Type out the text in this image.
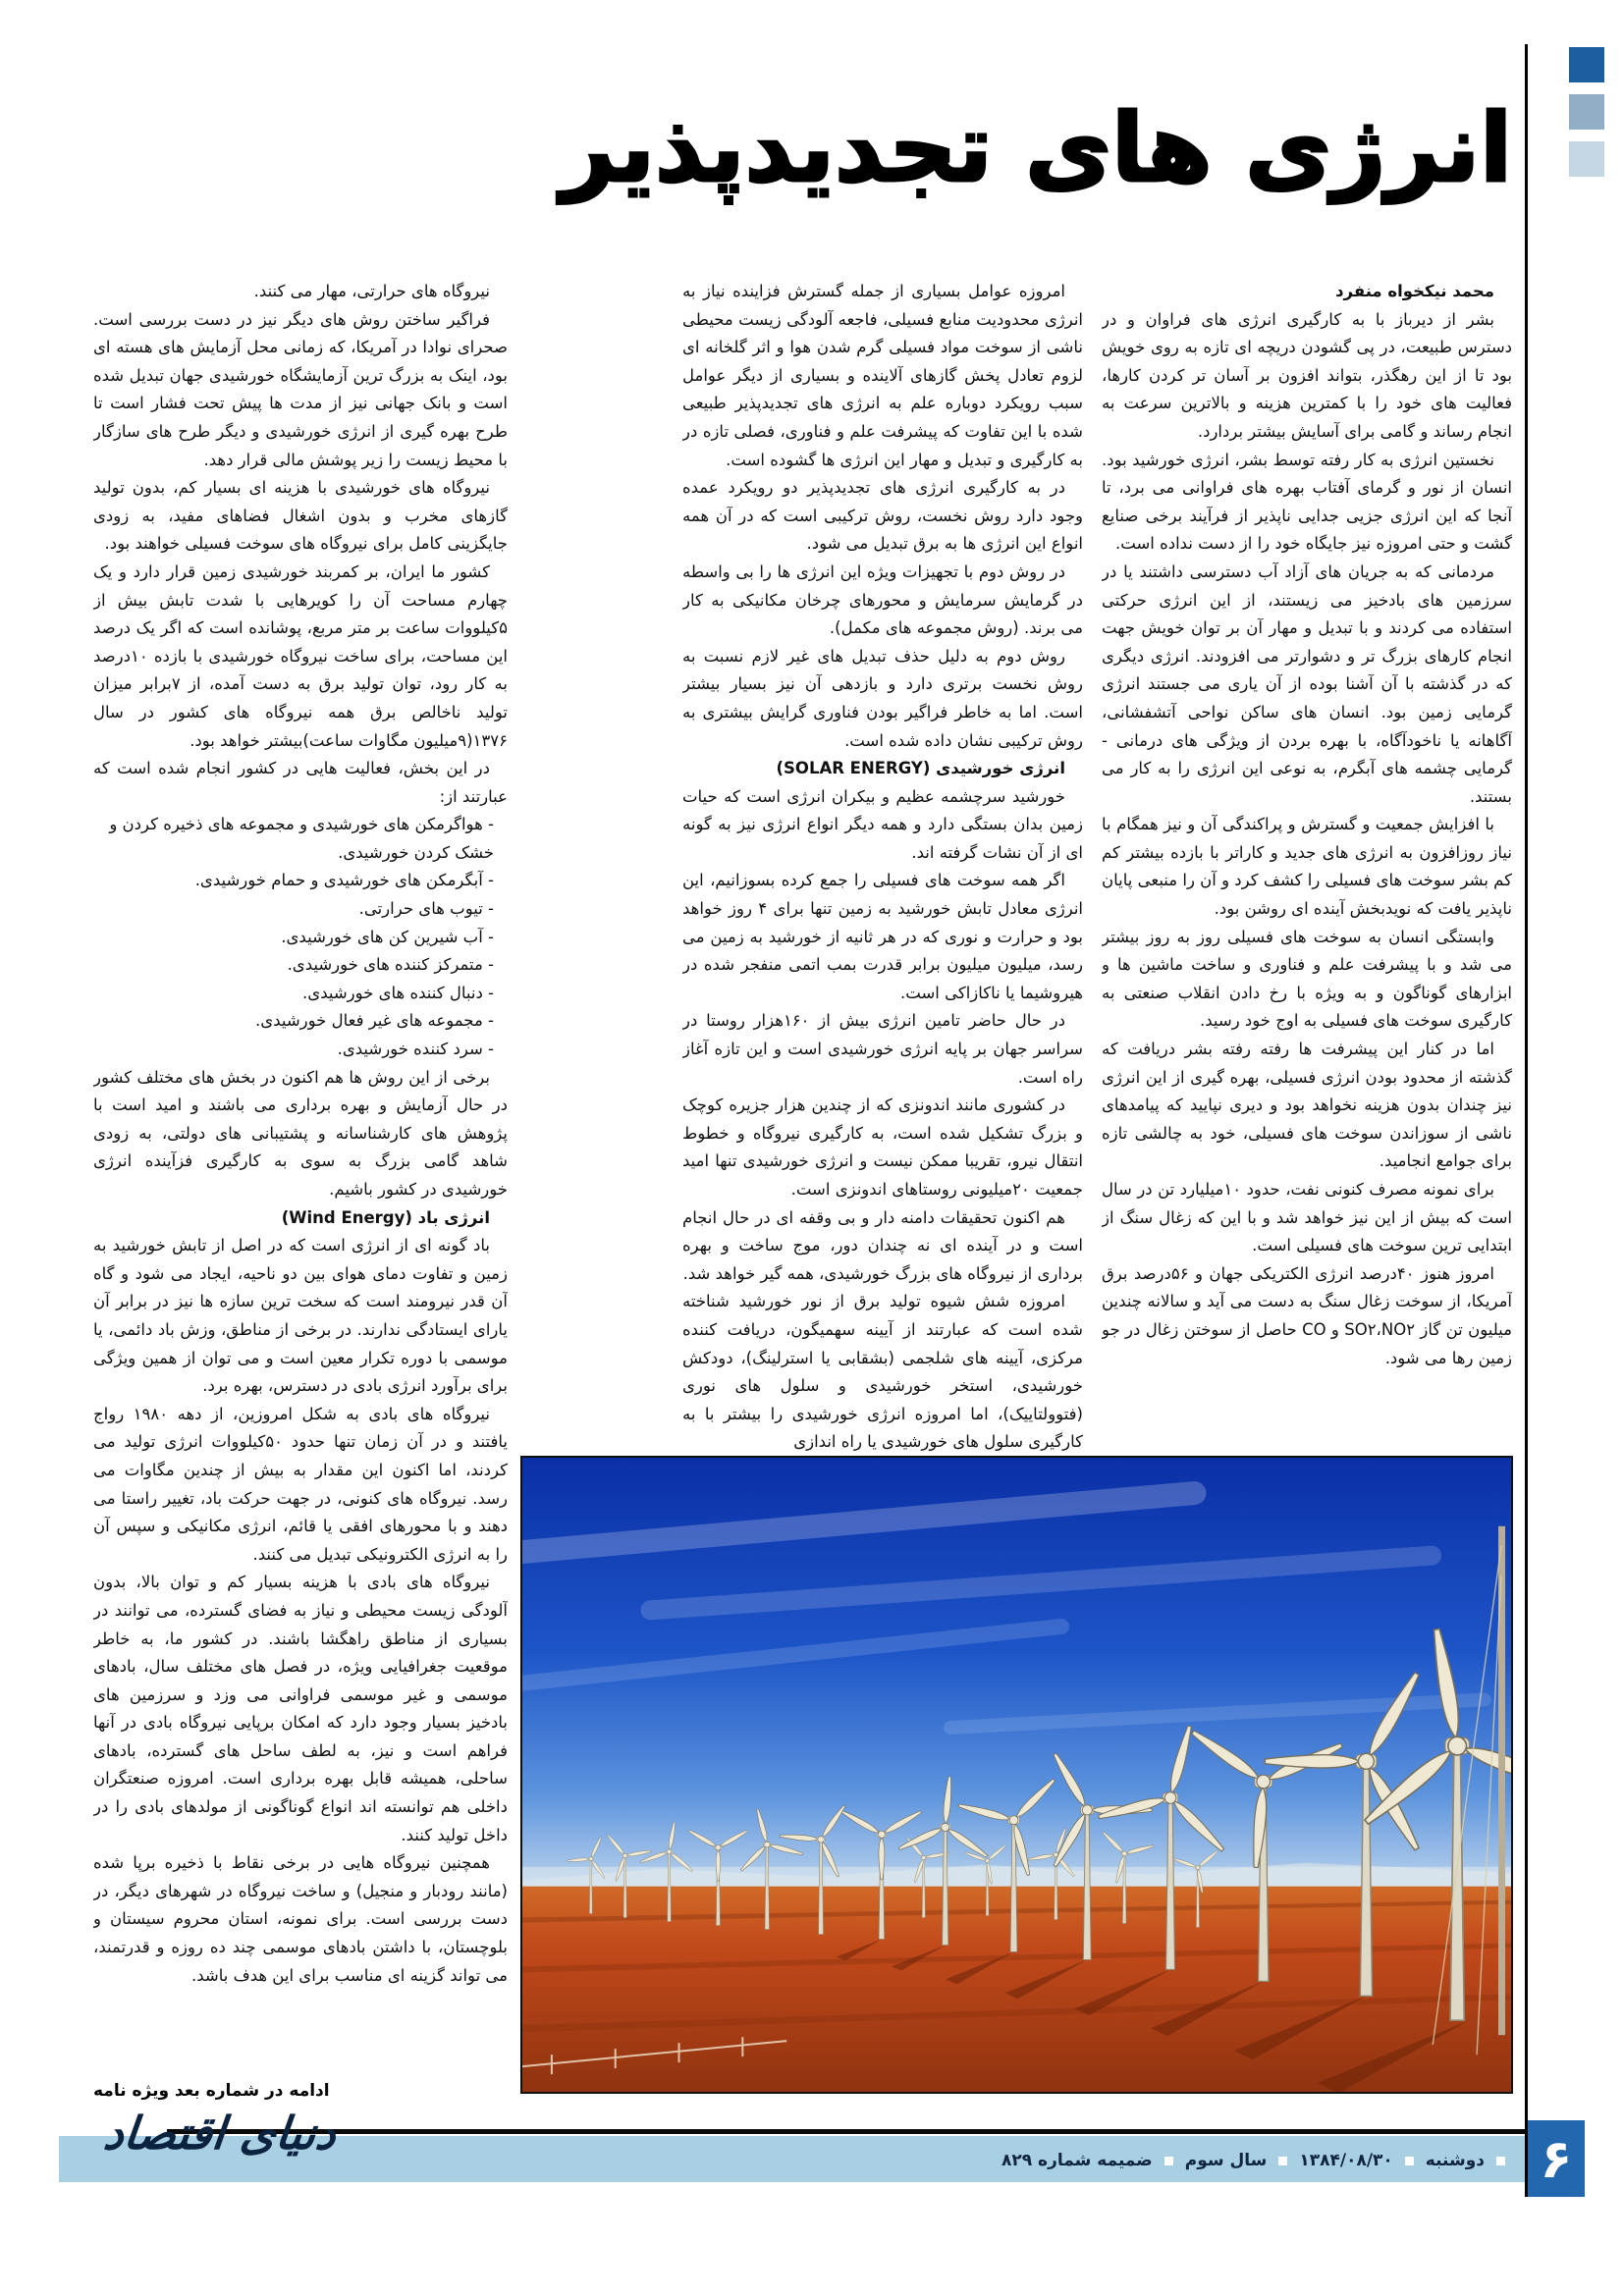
انرژی های تجدیدپذیر

محمد نیکخواه منفرد

بشر از دیرباز با به کارگیری انرژی های فراوان و در دسترس طبیعت، در پی گشودن دریچه ای تازه به روی خویش بود تا از این رهگذر، بتواند افزون بر آسان تر کردن کارها، فعالیت های خود را با کمترین هزینه و بالاترین سرعت به انجام رساند و گامی برای آسایش بیشتر بردارد.

نخستین انرژی به کار رفته توسط بشر، انرژی خورشید بود. انسان از نور و گرمای آفتاب بهره های فراوانی می برد، تا آنجا که این انرژی جزیی جدایی ناپذیر از فرآیند برخی صنایع گشت و حتی امروزه نیز جایگاه خود را از دست نداده است.

مردمانی که به جریان های آزاد آب دسترسی داشتند یا در سرزمین های بادخیز می زیستند، از این انرژی حرکتی استفاده می کردند و با تبدیل و مهار آن بر توان خویش جهت انجام کارهای بزرگ تر و دشوارتر می افزودند. انرژی دیگری که در گذشته با آن آشنا بوده از آن یاری می جستند انرژی گرمایی زمین بود. انسان های ساکن نواحی آتشفشانی، آگاهانه یا ناخودآگاه، با بهره بردن از ویژگی های درمانی - گرمایی چشمه های آبگرم، به نوعی این انرژی را به کار می بستند.

با افزایش جمعیت و گسترش و پراکندگی آن و نیز همگام با نیاز روزافزون به انرژی های جدید و کاراتر با بازده بیشتر کم کم بشر سوخت های فسیلی را کشف کرد و آن را منبعی پایان ناپذیر یافت که نویدبخش آینده ای روشن بود.

وابستگی انسان به سوخت های فسیلی روز به روز بیشتر می شد و با پیشرفت علم و فناوری و ساخت ماشین ها و ابزارهای گوناگون و به ویژه با رخ دادن انقلاب صنعتی به کارگیری سوخت های فسیلی به اوج خود رسید.

اما در کنار این پیشرفت ها رفته رفته بشر دریافت که گذشته از محدود بودن انرژی فسیلی، بهره گیری از این انرژی نیز چندان بدون هزینه نخواهد بود و دیری نپایید که پیامدهای ناشی از سوزاندن سوخت های فسیلی، خود به چالشی تازه برای جوامع انجامید.

برای نمونه مصرف کنونی نفت، حدود ۱۰میلیارد تن در سال است که بیش از این نیز خواهد شد و با این که زغال سنگ از ابتدایی ترین سوخت های فسیلی است.

امروز هنوز ۴۰درصد انرژی الکتریکی جهان و ۵۶درصد برق آمریکا، از سوخت زغال سنگ به دست می آید و سالانه چندین میلیون تن گاز SO۲،NO۲ و CO حاصل از سوختن زغال در جو زمین رها می شود.

امروزه عوامل بسیاری از جمله گسترش فزاینده نیاز به انرژی محدودیت منابع فسیلی، فاجعه آلودگی زیست محیطی ناشی از سوخت مواد فسیلی گرم شدن هوا و اثر گلخانه ای لزوم تعادل پخش گازهای آلاینده و بسیاری از دیگر عوامل سبب رویکرد دوباره علم به انرژی های تجدیدپذیر طبیعی شده با این تفاوت که پیشرفت علم و فناوری، فصلی تازه در به کارگیری و تبدیل و مهار این انرژی ها گشوده است.

در به کارگیری انرژی های تجدیدپذیر دو رویکرد عمده وجود دارد روش نخست، روش ترکیبی است که در آن همه انواع این انرژی ها به برق تبدیل می شود.

در روش دوم با تجهیزات ویژه این انرژی ها را بی واسطه در گرمایش سرمایش و محورهای چرخان مکانیکی به کار می برند. (روش مجموعه های مکمل).

روش دوم به دلیل حذف تبدیل های غیر لازم نسبت به روش نخست برتری دارد و بازدهی آن نیز بسیار بیشتر است. اما به خاطر فراگیر بودن فناوری گرایش بیشتری به روش ترکیبی نشان داده شده است.

انرژی خورشیدی (SOLAR ENERGY)

خورشید سرچشمه عظیم و بیکران انرژی است که حیات زمین بدان بستگی دارد و همه دیگر انواع انرژی نیز به گونه ای از آن نشات گرفته اند.

اگر همه سوخت های فسیلی را جمع کرده بسوزانیم، این انرژی معادل تابش خورشید به زمین تنها برای ۴ روز خواهد بود و حرارت و نوری که در هر ثانیه از خورشید به زمین می رسد، میلیون میلیون برابر قدرت بمب اتمی منفجر شده در هیروشیما یا ناکازاکی است.

در حال حاضر تامین انرژی بیش از ۱۶۰هزار روستا در سراسر جهان بر پایه انرژی خورشیدی است و این تازه آغاز راه است.

در کشوری مانند اندونزی که از چندین هزار جزیره کوچک و بزرگ تشکیل شده است، به کارگیری نیروگاه و خطوط انتقال نیرو، تقریبا ممکن نیست و انرژی خورشیدی تنها امید جمعیت ۲۰میلیونی روستاهای اندونزی است.

هم اکنون تحقیقات دامنه دار و بی وقفه ای در حال انجام است و در آینده ای نه چندان دور، موج ساخت و بهره برداری از نیروگاه های بزرگ خورشیدی، همه گیر خواهد شد.

امروزه شش شیوه تولید برق از نور خورشید شناخته شده است که عبارتند از آیینه سهمیگون، دریافت کننده مرکزی، آیینه های شلجمی (بشقابی یا استرلینگ)، دودکش خورشیدی، استخر خورشیدی و سلول های نوری (فتوولتاییک)، اما امروزه انرژی خورشیدی را بیشتر با به کارگیری سلول های خورشیدی یا راه اندازی

نیروگاه های حرارتی، مهار می کنند.

فراگیر ساختن روش های دیگر نیز در دست بررسی است. صحرای نوادا در آمریکا، که زمانی محل آزمایش های هسته ای بود، اینک به بزرگ ترین آزمایشگاه خورشیدی جهان تبدیل شده است و بانک جهانی نیز از مدت ها پیش تحت فشار است تا طرح بهره گیری از انرژی خورشیدی و دیگر طرح های سازگار با محیط زیست را زیر پوشش مالی قرار دهد.

نیروگاه های خورشیدی با هزینه ای بسیار کم، بدون تولید گازهای مخرب و بدون اشغال فضاهای مفید، به زودی جایگزینی کامل برای نیروگاه های سوخت فسیلی خواهند بود.

کشور ما ایران، بر کمربند خورشیدی زمین قرار دارد و یک چهارم مساحت آن را کویرهایی با شدت تابش بیش از ۵کیلووات ساعت بر متر مربع، پوشانده است که اگر یک درصد این مساحت، برای ساخت نیروگاه خورشیدی با بازده ۱۰درصد به کار رود، توان تولید برق به دست آمده، از ۷برابر میزان تولید ناخالص برق همه نیروگاه های کشور در سال ۱۳۷۶(۹میلیون مگاوات ساعت)بیشتر خواهد بود.

در این بخش، فعالیت هایی در کشور انجام شده است که عبارتند از:

- هواگرمکن های خورشیدی و مجموعه های ذخیره کردن و خشک کردن خورشیدی.
- آبگرمکن های خورشیدی و حمام خورشیدی.
- تیوب های حرارتی.
- آب شیرین کن های خورشیدی.
- متمرکز کننده های خورشیدی.
- دنبال کننده های خورشیدی.
- مجموعه های غیر فعال خورشیدی.
- سرد کننده خورشیدی.

برخی از این روش ها هم اکنون در بخش های مختلف کشور در حال آزمایش و بهره برداری می باشند و امید است با پژوهش های کارشناسانه و پشتیبانی های دولتی، به زودی شاهد گامی بزرگ به سوی به کارگیری فزآینده انرژی خورشیدی در کشور باشیم.

انرژی باد (Wind Energy)

باد گونه ای از انرژی است که در اصل از تابش خورشید به زمین و تفاوت دمای هوای بین دو ناحیه، ایجاد می شود و گاه آن قدر نیرومند است که سخت ترین سازه ها نیز در برابر آن یارای ایستادگی ندارند. در برخی از مناطق، وزش باد دائمی، یا موسمی با دوره تکرار معین است و می توان از همین ویژگی برای برآورد انرژی بادی در دسترس، بهره برد.

نیروگاه های بادی به شکل امروزین، از دهه ۱۹۸۰ رواج یافتند و در آن زمان تنها حدود ۵۰کیلووات انرژی تولید می کردند، اما اکنون این مقدار به بیش از چندین مگاوات می رسد. نیروگاه های کنونی، در جهت حرکت باد، تغییر راستا می دهند و با محورهای افقی یا قائم، انرژی مکانیکی و سپس آن را به انرژی الکترونیکی تبدیل می کنند.

نیروگاه های بادی با هزینه بسیار کم و توان بالا، بدون آلودگی زیست محیطی و نیاز به فضای گسترده، می توانند در بسیاری از مناطق راهگشا باشند. در کشور ما، به خاطر موقعیت جغرافیایی ویژه، در فصل های مختلف سال، بادهای موسمی و غیر موسمی فراوانی می وزد و سرزمین های بادخیز بسیار وجود دارد که امکان برپایی نیروگاه بادی در آنها فراهم است و نیز، به لطف ساحل های گسترده، بادهای ساحلی، همیشه قابل بهره برداری است. امروزه صنعتگران داخلی هم توانسته اند انواع گوناگونی از مولدهای بادی را در داخل تولید کنند.

همچنین نیروگاه هایی در برخی نقاط با ذخیره برپا شده (مانند رودبار و منجیل) و ساخت نیروگاه در شهرهای دیگر، در دست بررسی است. برای نمونه، استان محروم سیستان و بلوچستان، با داشتن بادهای موسمی چند ده روزه و قدرتمند، می تواند گزینه ای مناسب برای این هدف باشد.

ادامه در شماره بعد ویژه نامه
دنیای اقتصاد
دوشنبه
۱۳۸۴/۰۸/۳۰
سال سوم
ضمیمه شماره ۸۲۹	۶
